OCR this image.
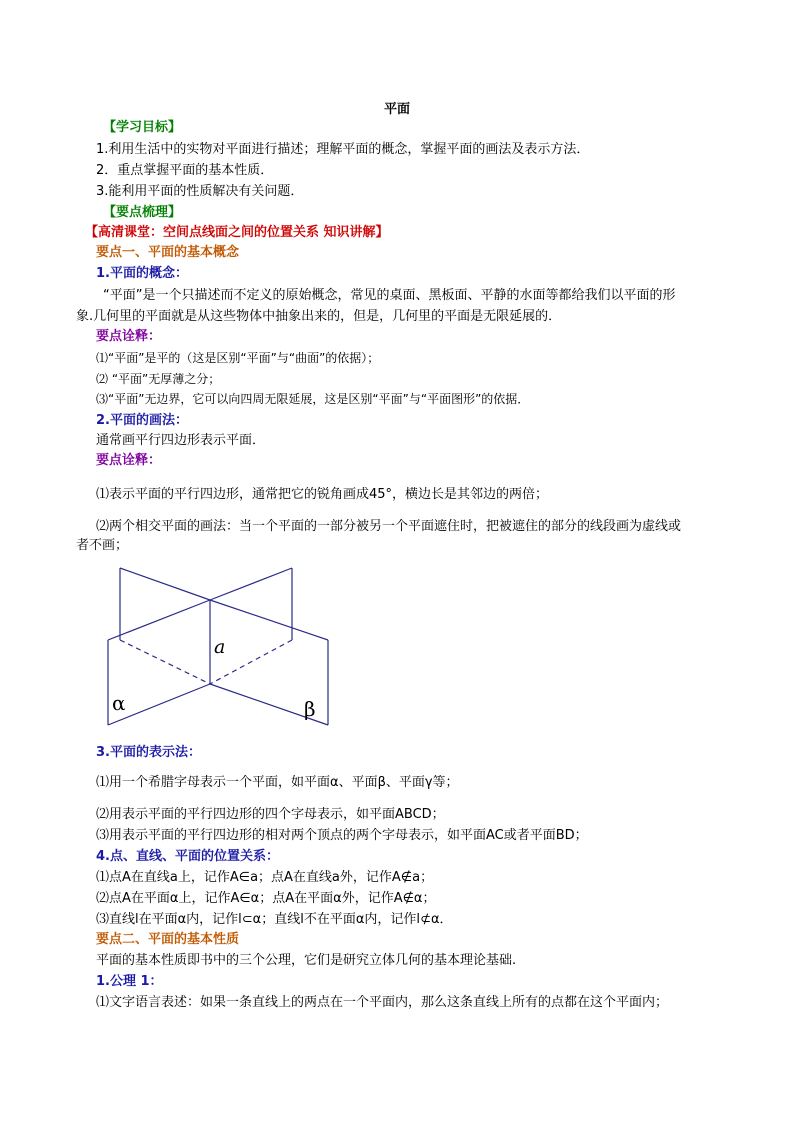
平面
【学习目标】
1.利用生活中的实物对平面进行描述；理解平面的概念，掌握平面的画法及表示方法．
2．重点掌握平面的基本性质．
3.能利用平面的性质解决有关问题．
【要点梳理】
【高清课堂：空间点线面之间的位置关系 知识讲解】
要点一、平面的基本概念
1.平面的概念：
“平面”是一个只描述而不定义的原始概念，常见的桌面、黑板面、平静的水面等都给我们以平面的形
象.几何里的平面就是从这些物体中抽象出来的，但是，几何里的平面是无限延展的．
要点诠释：
⑴“平面”是平的（这是区别“平面”与“曲面”的依据）；
⑵ “平面”无厚薄之分；
⑶“平面”无边界，它可以向四周无限延展，这是区别“平面”与“平面图形”的依据．
2.平面的画法：
通常画平行四边形表示平面．
要点诠释：
⑴表示平面的平行四边形，通常把它的锐角画成45°，横边长是其邻边的两倍；
⑵两个相交平面的画法：当一个平面的一部分被另一个平面遮住时，把被遮住的部分的线段画为虚线或
者不画；
a
α	β
3.平面的表示法：
⑴用一个希腊字母表示一个平面，如平面α、平面β、平面γ等；
⑵用表示平面的平行四边形的四个字母表示，如平面ABCD；
⑶用表示平面的平行四边形的相对两个顶点的两个字母表示，如平面AC或者平面BD；
4.点、直线、平面的位置关系：
⑴点A在直线a上，记作A∈a；点A在直线a外，记作A∉a；
⑵点A在平面α上，记作A∈α；点A在平面α外，记作A∉α；
⑶直线l在平面α内，记作l⊂α；直线l不在平面α内，记作l⊄α．
要点二、平面的基本性质
平面的基本性质即书中的三个公理，它们是研究立体几何的基本理论基础.
1.公理 1：
⑴文字语言表述：如果一条直线上的两点在一个平面内，那么这条直线上所有的点都在这个平面内；
